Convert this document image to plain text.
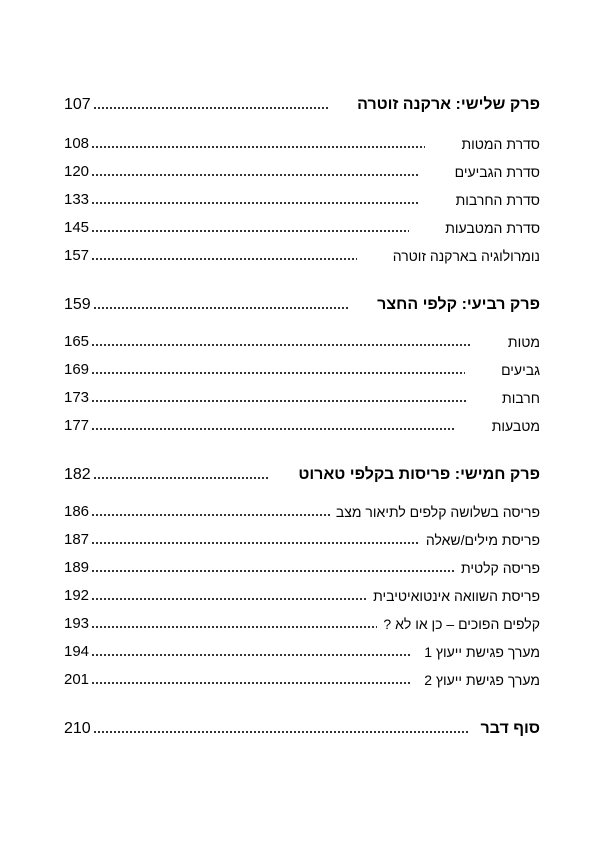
107	פרק שלישי: ארקנה זוטרה
108	סדרת המטות
120	סדרת הגביעים
133	סדרת החרבות
145	סדרת המטבעות
157	נומרולוגיה בארקנה זוטרה
159	פרק רביעי: קלפי החצר
165	מטות
169	גביעים
173	חרבות
177	מטבעות
182	פרק חמישי: פריסות בקלפי טארוט
186	פריסה בשלושה קלפים לתיאור מצב
187	פריסת מילים/שאלה
189	פריסה קלטית
192	פריסת השוואה אינטואיטיבית
193	קלפים הפוכים – כן או לא ?
194	מערך פגישת ייעוץ 1
201	מערך פגישת ייעוץ 2
210	סוף דבר
